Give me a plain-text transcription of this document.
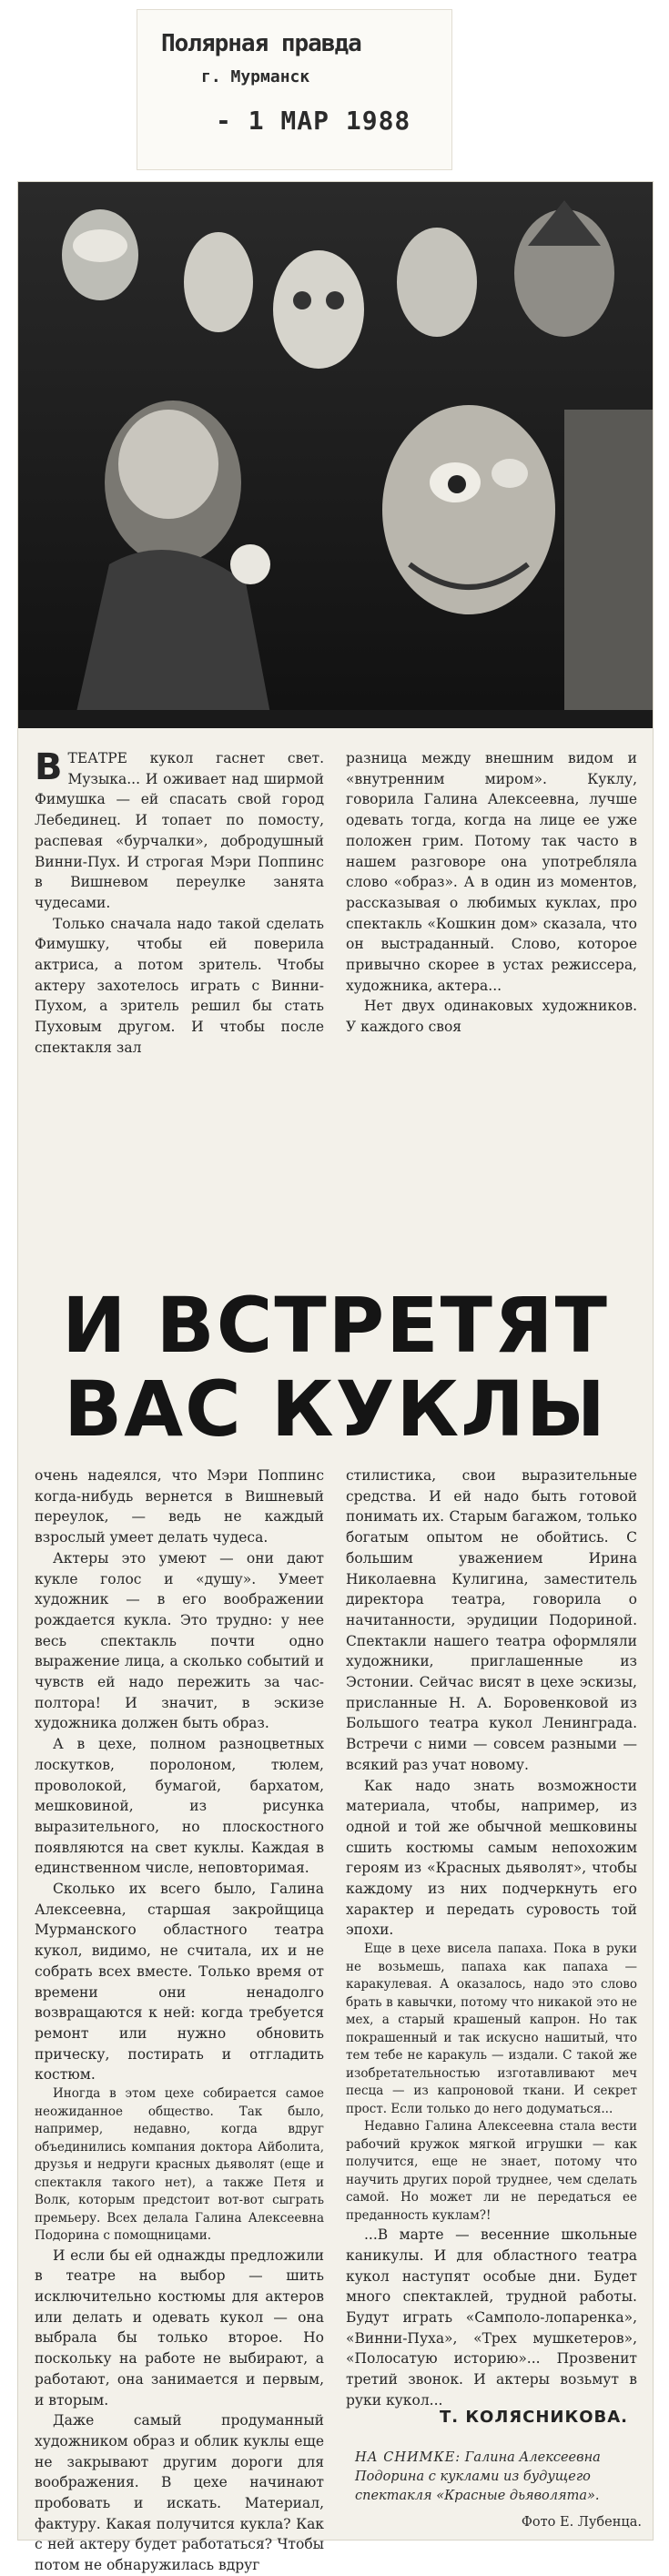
Полярная правда
г. Мурманск
- 1 МАР 1988

ВТЕАТРЕ кукол гаснет свет. Музыка... И оживает над ширмой Фимушка — ей спасать свой город Лебединец. И топает по помосту, распевая «бурчалки», добродушный Винни-Пух. И строгая Мэри Поппинс в Вишневом переулке занята чудесами.

Только сначала надо такой сделать Фимушку, чтобы ей поверила актриса, а потом зритель. Чтобы актеру захотелось играть с Винни-Пухом, а зритель решил бы стать Пуховым другом. И чтобы после спектакля зал

разница между внешним видом и «внутренним миром». Куклу, говорила Галина Алексеевна, лучше одевать тогда, когда на лице ее уже положен грим. Потому так часто в нашем разговоре она употребляла слово «образ». А в один из моментов, рассказывая о любимых куклах, про спектакль «Кошкин дом» сказала, что он выстраданный. Слово, которое привычно скорее в устах режиссера, художника, актера...

Нет двух одинаковых художников. У каждого своя

И ВСТРЕТЯТ
ВАС КУКЛЫ

очень надеялся, что Мэри Поппинс когда-нибудь вернется в Вишневый переулок, — ведь не каждый взрослый умеет делать чудеса.

Актеры это умеют — они дают кукле голос и «душу». Умеет художник — в его воображении рождается кукла. Это трудно: у нее весь спектакль почти одно выражение лица, а сколько событий и чувств ей надо пережить за час-полтора! И значит, в эскизе художника должен быть образ.

А в цехе, полном разноцветных лоскутков, поролоном, тюлем, проволокой, бумагой, бархатом, мешковиной, из рисунка выразительного, но плоскостного появляются на свет куклы. Каждая в единственном числе, неповторимая.

Сколько их всего было, Галина Алексеевна, старшая закройщица Мурманского областного театра кукол, видимо, не считала, их и не собрать всех вместе. Только время от времени они ненадолго возвращаются к ней: когда требуется ремонт или нужно обновить прическу, постирать и отгладить костюм.

Иногда в этом цехе собирается самое неожиданное общество. Так было, например, недавно, когда вдруг объединились компания доктора Айболита, друзья и недруги красных дьяволят (еще и спектакля такого нет), а также Петя и Волк, которым предстоит вот-вот сыграть премьеру. Всех делала Галина Алексеевна Подорина с помощницами.

И если бы ей однажды предложили в театре на выбор — шить исключительно костюмы для актеров или делать и одевать кукол — она выбрала бы только второе. Но поскольку на работе не выбирают, а работают, она занимается и первым, и вторым.

Даже самый продуманный художником образ и облик куклы еще не закрывают другим дороги для воображения. В цехе начинают пробовать и искать. Материал, фактуру. Какая получится кукла? Как с ней актеру будет работаться? Чтобы потом не обнаружилась вдруг

стилистика, свои выразительные средства. И ей надо быть готовой понимать их. Старым багажом, только богатым опытом не обойтись. С большим уважением Ирина Николаевна Кулигина, заместитель директора театра, говорила о начитанности, эрудиции Подориной. Спектакли нашего театра оформляли художники, приглашенные из Эстонии. Сейчас висят в цехе эскизы, присланные Н. А. Боровенковой из Большого театра кукол Ленинграда. Встречи с ними — совсем разными — всякий раз учат новому.

Как надо знать возможности материала, чтобы, например, из одной и той же обычной мешковины сшить костюмы самым непохожим героям из «Красных дьяволят», чтобы каждому из них подчеркнуть его характер и передать суровость той эпохи.

Еще в цехе висела папаха. Пока в руки не возьмешь, папаха как папаха — каракулевая. А оказалось, надо это слово брать в кавычки, потому что никакой это не мех, а старый крашеный капрон. Но так покрашенный и так искусно нашитый, что тем тебе не каракуль — издали. С такой же изобретательностью изготавливают меч песца — из капроновой ткани. И секрет прост. Если только до него додуматься...

Недавно Галина Алексеевна стала вести рабочий кружок мягкой игрушки — как получится, еще не знает, потому что научить других порой труднее, чем сделать самой. Но может ли не передаться ее преданность куклам?!

...В марте — весенние школьные каникулы. И для областного театра кукол наступят особые дни. Будет много спектаклей, трудной работы. Будут играть «Самполо-лопаренка», «Винни-Пуха», «Трех мушкетеров», «Полосатую историю»... Прозвенит третий звонок. И актеры возьмут в руки кукол...

Т. КОЛЯСНИКОВА.
НА СНИМКЕ: Галина Алексеевна Подорина с куклами из будущего спектакля «Красные дьяволята».
Фото Е. Лубенца.
